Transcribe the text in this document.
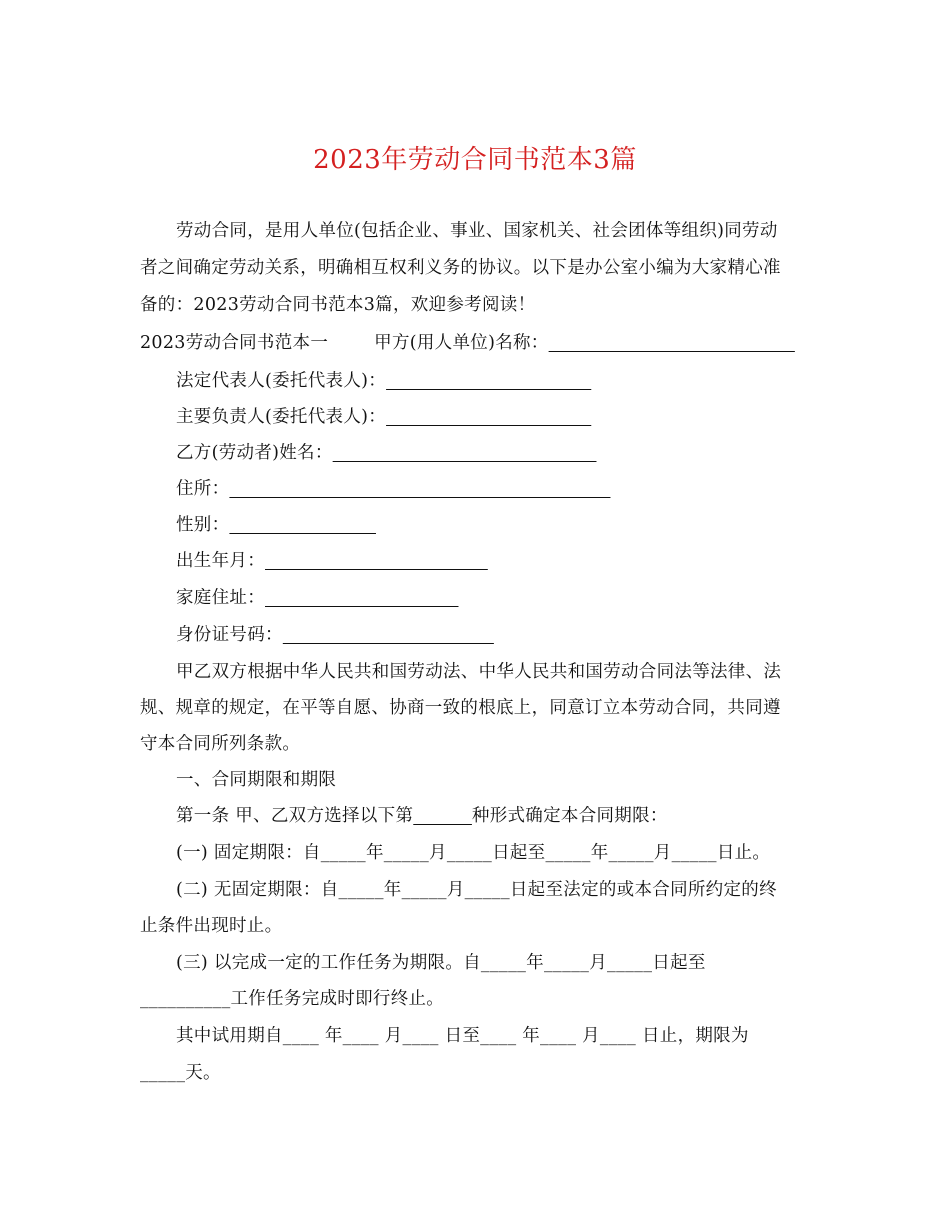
2023年劳动合同书范本3篇
劳动合同，是用人单位(包括企业、事业、国家机关、社会团体等组织)同劳动
者之间确定劳动关系，明确相互权利义务的协议。以下是办公室小编为大家精心准
备的：2023劳动合同书范本3篇，欢迎参考阅读！
2023劳动合同书范本一	甲方(用人单位)名称：
法定代表人(委托代表人)：
主要负责人(委托代表人)：
乙方(劳动者)姓名：
住所：
性别：
出生年月：
家庭住址：
身份证号码：
甲乙双方根据中华人民共和国劳动法、中华人民共和国劳动合同法等法律、法
规、规章的规定，在平等自愿、协商一致的根底上，同意订立本劳动合同，共同遵
守本合同所列条款。
一、合同期限和期限
第一条 甲、乙双方选择以下第	种形式确定本合同期限：
(一) 固定期限：自_____年_____月_____日起至_____年_____月_____日止。
(二) 无固定期限：自_____年_____月_____日起至法定的或本合同所约定的终
止条件出现时止。
(三) 以完成一定的工作任务为期限。自_____年_____月_____日起至
__________工作任务完成时即行终止。
其中试用期自____ 年____ 月____ 日至____ 年____ 月____ 日止，期限为
_____天。
